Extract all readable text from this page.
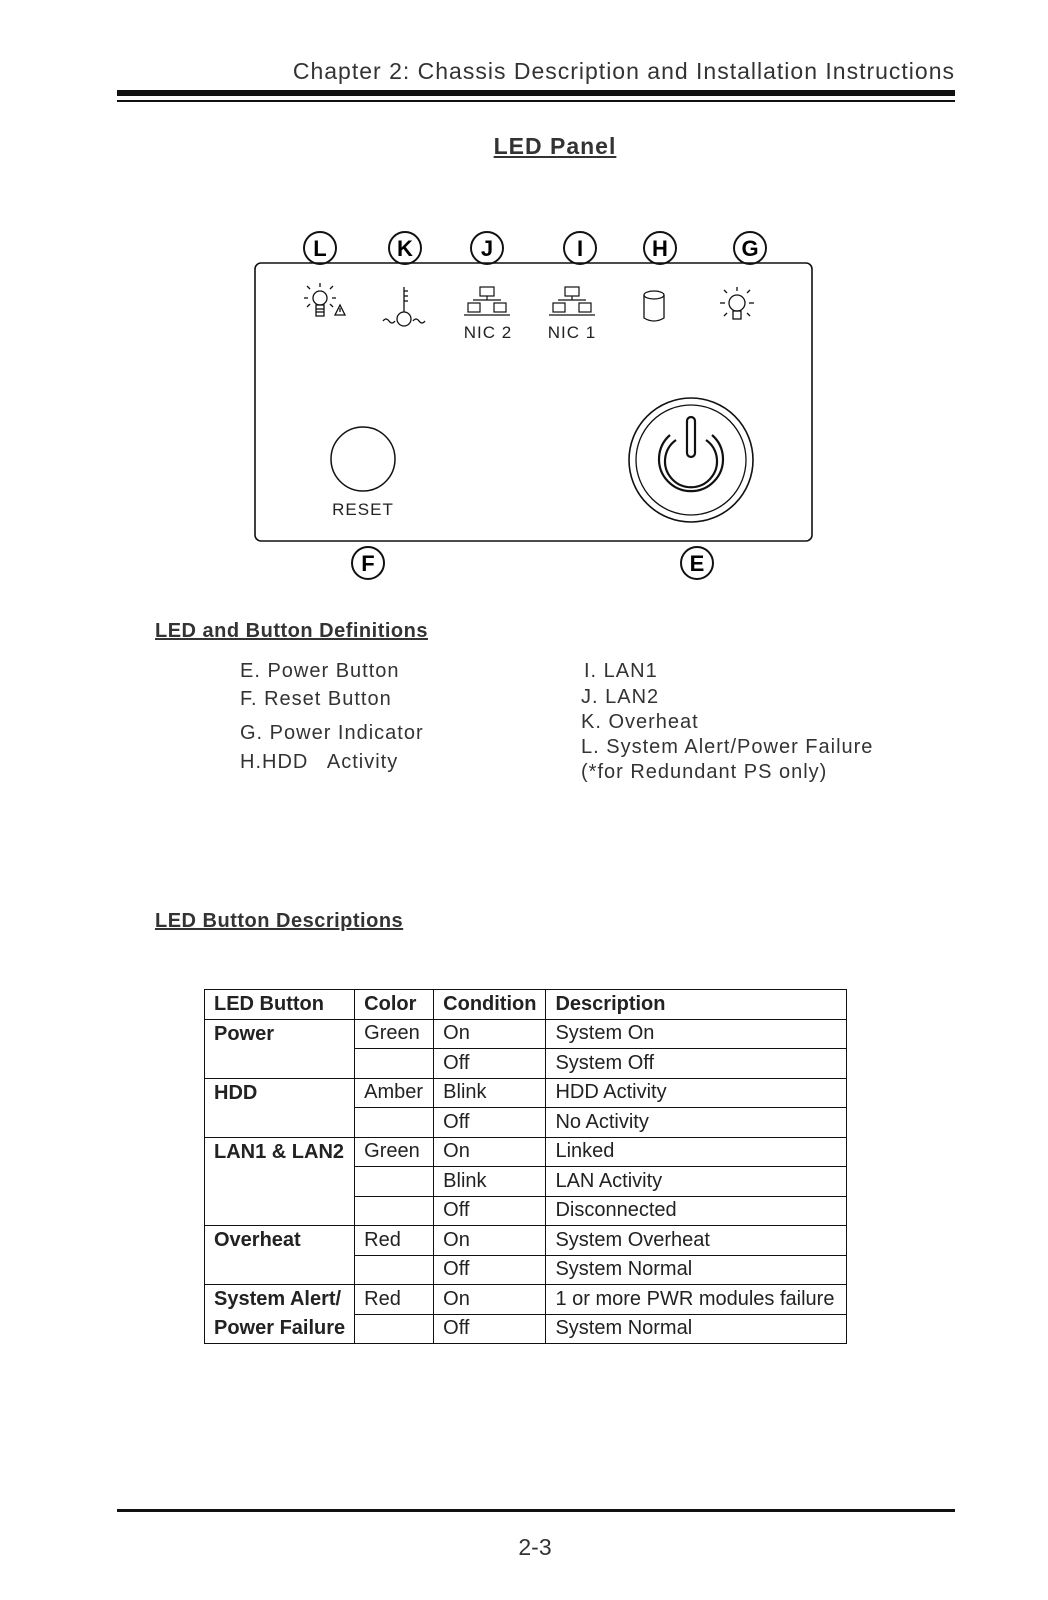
Chapter 2: Chassis Description and Installation Instructions
LED Panel
L	K	J	I	H	G
NIC 2 NIC 1
RESET
F	E
LED and Button Definitions
E. Power Button
F. Reset Button
G. Power Indicator
H.HDD   Activity
I. LAN1
J. LAN2
K. Overheat
L. System Alert/Power Failure
(*for Redundant PS only)
LED Button Descriptions
LED Button	Color	Condition	Description
Power	Green	On	System On
		Off	System Off
HDD	Amber	Blink	HDD Activity
		Off	No Activity
LAN1 & LAN2	Green	On	Linked
		Blink	LAN Activity
		Off	Disconnected
Overheat	Red	On	System Overheat
		Off	System Normal
System Alert/	Red	On	1 or more PWR modules failure
Power Failure		Off	System Normal
2-3
